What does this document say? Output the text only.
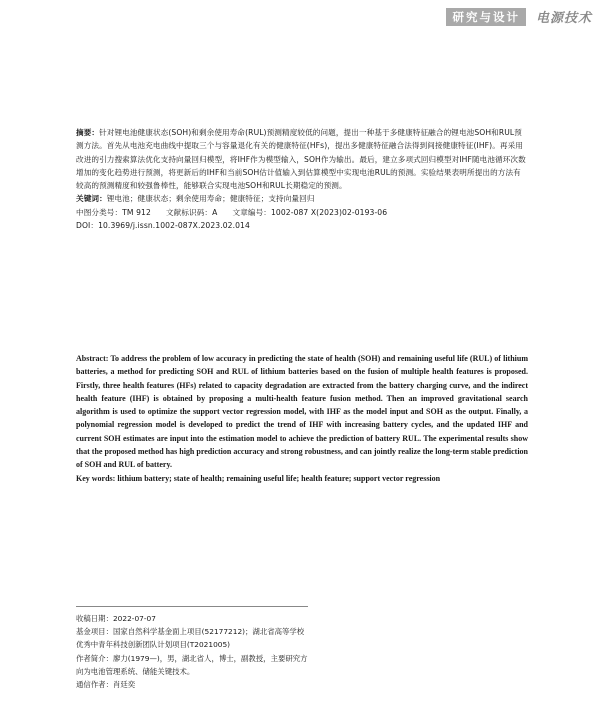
研究与设计	电源技术

摘要：针对锂电池健康状态(SOH)和剩余使用寿命(RUL)预测精度较低的问题，提出一种基于多健康特征融合的锂电池SOH和RUL预测方法。首先从电池充电曲线中提取三个与容量退化有关的健康特征(HFs)，提出多健康特征融合法得到间接健康特征(IHF)。再采用改进的引力搜索算法优化支持向量回归模型，将IHF作为模型输入，SOH作为输出。最后，建立多项式回归模型对IHF随电池循环次数增加的变化趋势进行预测，将更新后的IHF和当前SOH估计值输入到估算模型中实现电池RUL的预测。实验结果表明所提出的方法有较高的预测精度和较强鲁棒性，能够联合实现电池SOH和RUL长期稳定的预测。

关键词：锂电池；健康状态；剩余使用寿命；健康特征；支持向量回归

中图分类号：TM 912 文献标识码：A 文章编号：1002-087 X(2023)02-0193-06

DOI：10.3969/j.issn.1002-087X.2023.02.014

Abstract: To address the problem of low accuracy in predicting the state of health (SOH) and remaining useful life (RUL) of lithium batteries, a method for predicting SOH and RUL of lithium batteries based on the fusion of multiple health features is proposed. Firstly, three health features (HFs) related to capacity degradation are extracted from the battery charging curve, and the indirect health feature (IHF) is obtained by proposing a multi-health feature fusion method. Then an improved gravitational search algorithm is used to optimize the support vector regression model, with IHF as the model input and SOH as the output. Finally, a polynomial regression model is developed to predict the trend of IHF with increasing battery cycles, and the updated IHF and current SOH estimates are input into the estimation model to achieve the prediction of battery RUL. The experimental results show that the proposed method has high prediction accuracy and strong robustness, and can jointly realize the long-term stable prediction of SOH and RUL of battery.

Key words: lithium battery; state of health; remaining useful life; health feature; support vector regression

收稿日期：2022-07-07

基金项目：国家自然科学基金面上项目(52177212)；湖北省高等学校优秀中青年科技创新团队计划项目(T2021005)

作者简介：廖力(1979—)，男，湖北省人，博士，副教授，主要研究方向为电池管理系统、储能关键技术。

通信作者：肖廷奕
